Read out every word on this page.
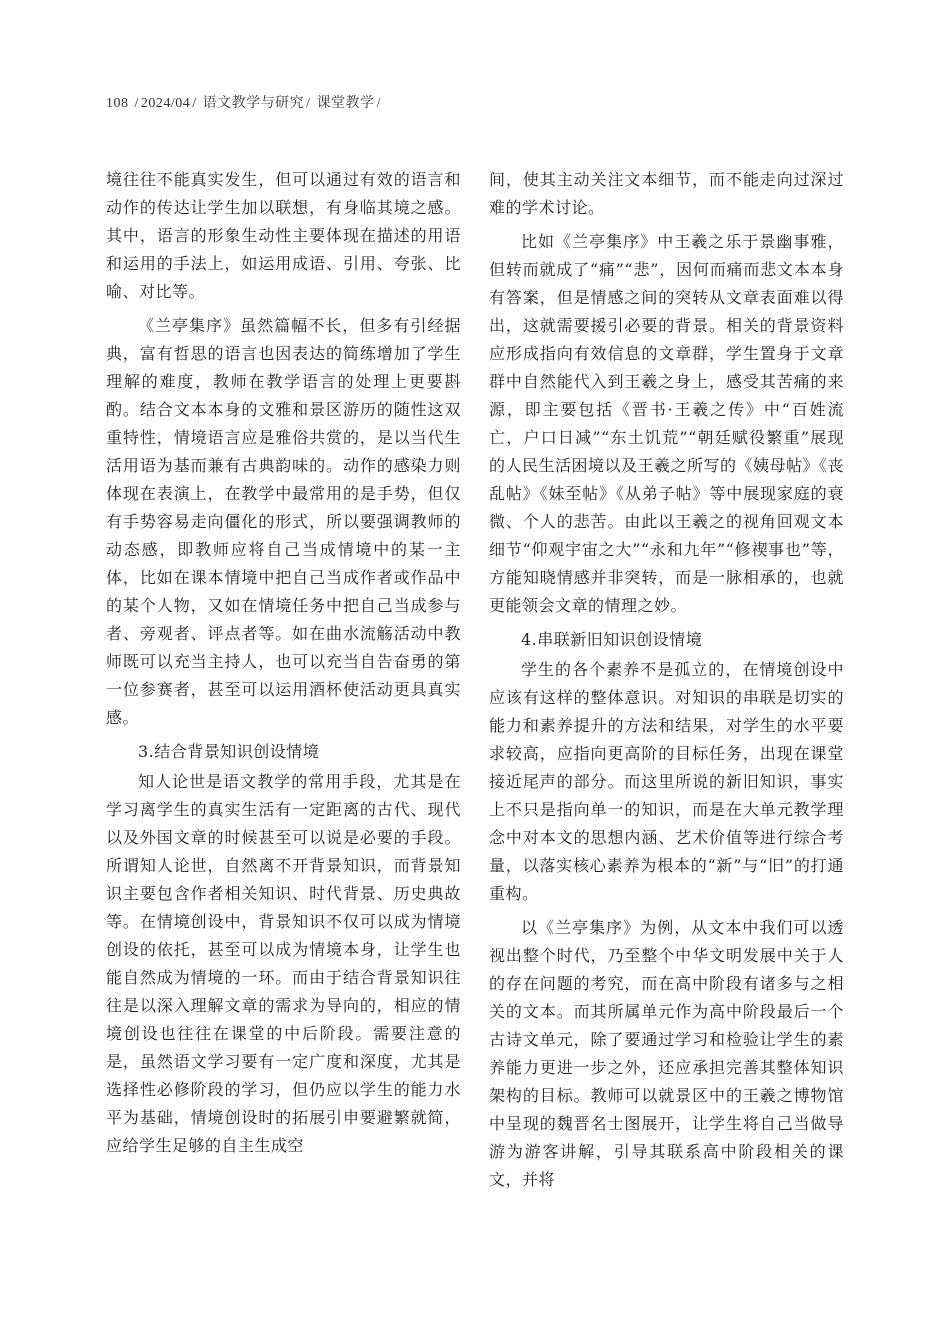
108 / 2024/04 / 语文教学与研究 / 课堂教学 /

境往往不能真实发生，但可以通过有效的语言和动作的传达让学生加以联想，有身临其境之感。其中，语言的形象生动性主要体现在描述的用语和运用的手法上，如运用成语、引用、夸张、比喻、对比等。

《兰亭集序》虽然篇幅不长，但多有引经据典，富有哲思的语言也因表达的简练增加了学生理解的难度，教师在教学语言的处理上更要斟酌。结合文本本身的文雅和景区游历的随性这双重特性，情境语言应是雅俗共赏的，是以当代生活用语为基而兼有古典韵味的。动作的感染力则体现在表演上，在教学中最常用的是手势，但仅有手势容易走向僵化的形式，所以要强调教师的动态感，即教师应将自己当成情境中的某一主体，比如在课本情境中把自己当成作者或作品中的某个人物，又如在情境任务中把自己当成参与者、旁观者、评点者等。如在曲水流觞活动中教师既可以充当主持人，也可以充当自告奋勇的第一位参赛者，甚至可以运用酒杯使活动更具真实感。

3.结合背景知识创设情境

知人论世是语文教学的常用手段，尤其是在学习离学生的真实生活有一定距离的古代、现代以及外国文章的时候甚至可以说是必要的手段。所谓知人论世，自然离不开背景知识，而背景知识主要包含作者相关知识、时代背景、历史典故等。在情境创设中，背景知识不仅可以成为情境创设的依托，甚至可以成为情境本身，让学生也能自然成为情境的一环。而由于结合背景知识往往是以深入理解文章的需求为导向的，相应的情境创设也往往在课堂的中后阶段。需要注意的是，虽然语文学习要有一定广度和深度，尤其是选择性必修阶段的学习，但仍应以学生的能力水平为基础，情境创设时的拓展引申要避繁就简，应给学生足够的自主生成空

间，使其主动关注文本细节，而不能走向过深过难的学术讨论。

比如《兰亭集序》中王羲之乐于景幽事雅，但转而就成了“痛”“悲”，因何而痛而悲文本本身有答案，但是情感之间的突转从文章表面难以得出，这就需要援引必要的背景。相关的背景资料应形成指向有效信息的文章群，学生置身于文章群中自然能代入到王羲之身上，感受其苦痛的来源，即主要包括《晋书·王羲之传》中“百姓流亡，户口日减”“东土饥荒”“朝廷赋役繁重”展现的人民生活困境以及王羲之所写的《姨母帖》《丧乱帖》《妹至帖》《从弟子帖》等中展现家庭的衰微、个人的悲苦。由此以王羲之的视角回观文本细节“仰观宇宙之大”“永和九年”“修禊事也”等，方能知晓情感并非突转，而是一脉相承的，也就更能领会文章的情理之妙。

4.串联新旧知识创设情境

学生的各个素养不是孤立的，在情境创设中应该有这样的整体意识。对知识的串联是切实的能力和素养提升的方法和结果，对学生的水平要求较高，应指向更高阶的目标任务，出现在课堂接近尾声的部分。而这里所说的新旧知识，事实上不只是指向单一的知识，而是在大单元教学理念中对本文的思想内涵、艺术价值等进行综合考量，以落实核心素养为根本的“新”与“旧”的打通重构。

以《兰亭集序》为例，从文本中我们可以透视出整个时代，乃至整个中华文明发展中关于人的存在问题的考究，而在高中阶段有诸多与之相关的文本。而其所属单元作为高中阶段最后一个古诗文单元，除了要通过学习和检验让学生的素养能力更进一步之外，还应承担完善其整体知识架构的目标。教师可以就景区中的王羲之博物馆中呈现的魏晋名士图展开，让学生将自己当做导游为游客讲解，引导其联系高中阶段相关的课文，并将
